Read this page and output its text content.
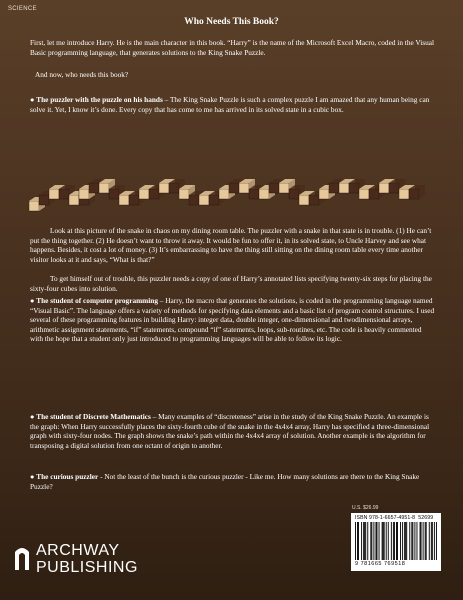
SCIENCE
Who Needs This Book?

First, let me introduce Harry. He is the main character in this book. “Harry” is the name of the Microsoft Excel Macro, coded in the Visual Basic programming language, that generates solutions to the King Snake Puzzle.

And now, who needs this book?

● The puzzler with the puzzle on his hands – The King Snake Puzzle is such a complex puzzle I am amazed that any human being can solve it. Yet, I know it’s done. Every copy that has come to me has arrived in its solved state in a cubic box.

Look at this picture of the snake in chaos on my dining room table. The puzzler with a snake in that state is in trouble. (1) He can’t put the thing together. (2) He doesn’t want to throw it away. It would be fun to offer it, in its solved state, to Uncle Harvey and see what happens. Besides, it cost a lot of money. (3) It’s embarrassing to have the thing still sitting on the dining room table every time another visitor looks at it and says, “What is that?”

To get himself out of trouble, this puzzler needs a copy of one of Harry’s annotated lists specifying twenty-six steps for placing the sixty-four cubes into solution.

● The student of computer programming – Harry, the macro that generates the solutions, is coded in the programming language named “Visual Basic”. The language offers a variety of methods for specifying data elements and a basic list of program control structures. I used several of these programming features in building Harry: integer data, double integer, one-dimensional and twodimensional arrays, arithmetic assignment statements, “if” statements, compound “if” statements, loops, sub-routines, etc. The code is heavily commented with the hope that a student only just introduced to programming languages will be able to follow its logic.

● The student of Discrete Mathematics – Many examples of “discreteness” arise in the study of the King Snake Puzzle. An example is the graph: When Harry successfully places the sixty-fourth cube of the snake in the 4x4x4 array, Harry has specified a three-dimensional graph with sixty-four nodes. The graph shows the snake’s path within the 4x4x4 array of solution. Another example is the algorithm for transposing a digital solution from one octant of origin to another.

● The curious puzzler - Not the least of the bunch is the curious puzzler - Like me. How many solutions are there to the King Snake Puzzle?

U.S. $26.99
ISBN 978-1-6657-4951-8 52699
9 781665 769518
ARCHWAY
PUBLISHING
